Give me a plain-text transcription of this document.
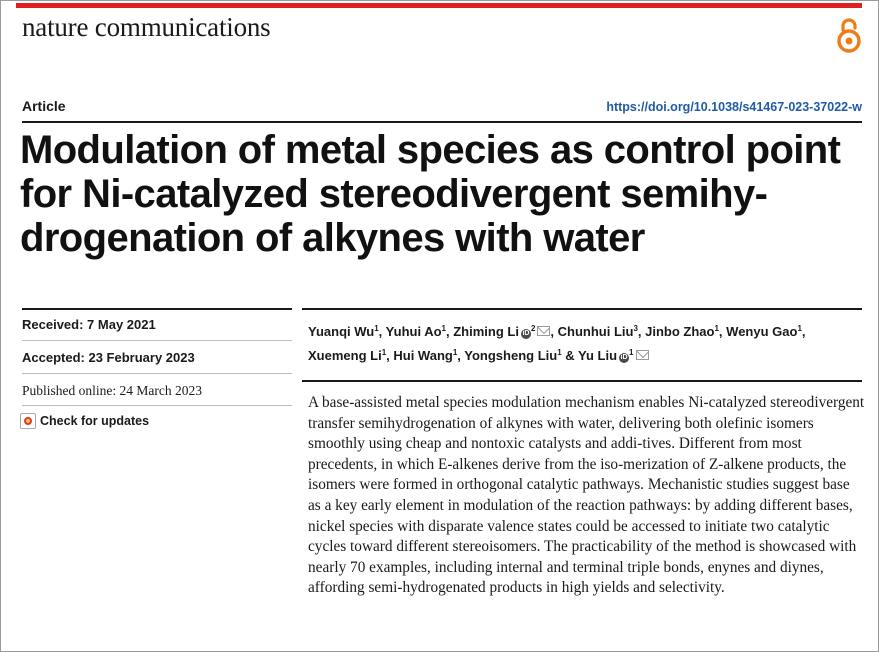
nature communications
Article	https://doi.org/10.1038/s41467-023-37022-w
Modulation of metal species as control point for Ni-catalyzed stereodivergent semihy-drogenation of alkynes with water
Received: 7 May 2021
Accepted: 23 February 2023
Published online: 24 March 2023
Check for updates
Yuanqi Wu$^1$, Yuhui Ao$^1$, Zhiming Li $iD^2$ , Chunhui Liu$^3$, Jinbo Zhao$^1$, Wenyu Gao$^1$, Xuemeng Li$^1$, Hui Wang$^1$, Yongsheng Liu$^1$ & Yu Liu $iD^1$

A base-assisted metal species modulation mechanism enables Ni-catalyzed stereodivergent transfer semihydrogenation of alkynes with water, delivering both olefinic isomers smoothly using cheap and nontoxic catalysts and addi-tives. Different from most precedents, in which E-alkenes derive from the iso-merization of Z-alkene products, the isomers were formed in orthogonal catalytic pathways. Mechanistic studies suggest base as a key early element in modulation of the reaction pathways: by adding different bases, nickel species with disparate valence states could be accessed to initiate two catalytic cycles toward different stereoisomers. The practicability of the method is showcased with nearly 70 examples, including internal and terminal triple bonds, enynes and diynes, affording semi-hydrogenated products in high yields and selectivity.
